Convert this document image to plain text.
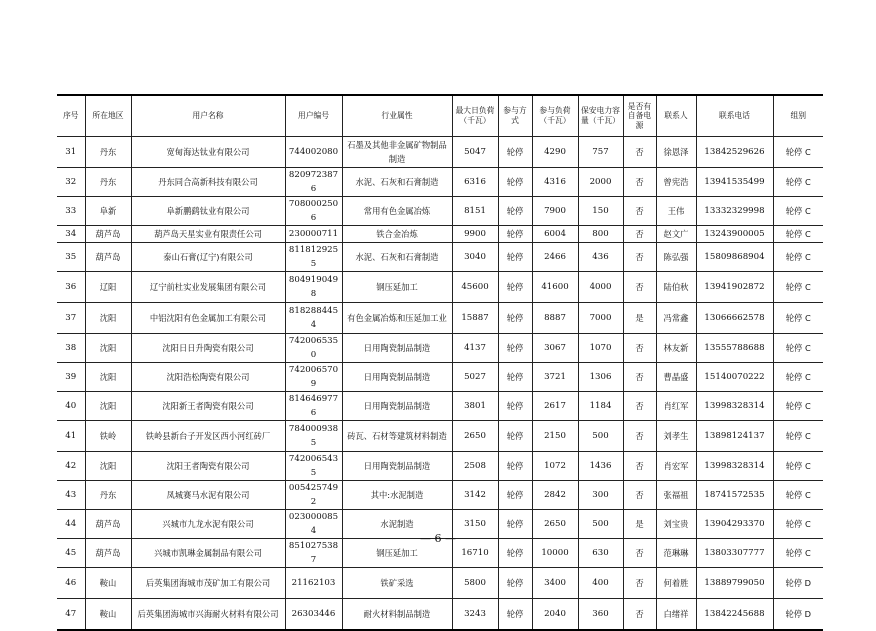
序号	所在地区	用户名称	用户编号	行业属性	最大日负荷（千瓦）	参与方式	参与负荷（千瓦）	保安电力容量（千瓦）	是否有自备电源	联系人	联系电话	组别
31	丹东	宽甸海达钛业有限公司	744002080	石墨及其他非金属矿物制品制造	5047	轮停	4290	757	否	徐恩泽	13842529626	轮停 C
32	丹东	丹东同合高新科技有限公司	8209723876	水泥、石灰和石膏制造	6316	轮停	4316	2000	否	曾宪浩	13941535499	轮停 C
33	阜新	阜新鹏鹞钛业有限公司	7080002506	常用有色金属冶炼	8151	轮停	7900	150	否	王伟	13332329998	轮停 C
34	葫芦岛	葫芦岛天星实业有限责任公司	230000711	铁合金冶炼	9900	轮停	6004	800	否	赵文广	13243900005	轮停 C
35	葫芦岛	泰山石膏(辽宁)有限公司	8118129255	水泥、石灰和石膏制造	3040	轮停	2466	436	否	陈弘强	15809868904	轮停 C
36	辽阳	辽宁前杜实业发展集团有限公司	8049190498	钢压延加工	45600	轮停	41600	4000	否	陆伯秋	13941902872	轮停 C
37	沈阳	中铝沈阳有色金属加工有限公司	8182884454	有色金属冶炼和压延加工业	15887	轮停	8887	7000	是	冯常鑫	13066662578	轮停 C
38	沈阳	沈阳日日升陶瓷有限公司	7420065350	日用陶瓷制品制造	4137	轮停	3067	1070	否	林友新	13555788688	轮停 C
39	沈阳	沈阳浩松陶瓷有限公司	7420065709	日用陶瓷制品制造	5027	轮停	3721	1306	否	曹晶盛	15140070222	轮停 C
40	沈阳	沈阳新王者陶瓷有限公司	8146469776	日用陶瓷制品制造	3801	轮停	2617	1184	否	肖红军	13998328314	轮停 C
41	铁岭	铁岭县新台子开发区西小河红砖厂	7840009385	砖瓦、石材等建筑材料制造	2650	轮停	2150	500	否	刘孝生	13898124137	轮停 C
42	沈阳	沈阳王者陶瓷有限公司	7420065435	日用陶瓷制品制造	2508	轮停	1072	1436	否	肖宏军	13998328314	轮停 C
43	丹东	凤城赛马水泥有限公司	0054257492	其中:水泥制造	3142	轮停	2842	300	否	张福祖	18741572535	轮停 C
44	葫芦岛	兴城市九龙水泥有限公司	0230000854	水泥制造	3150	轮停	2650	500	是	刘宝贵	13904293370	轮停 C
45	葫芦岛	兴城市凯琳金属制品有限公司	8510275387	钢压延加工	16710	轮停	10000	630	否	范琳琳	13803307777	轮停 C
46	鞍山	后英集团海城市茂矿加工有限公司	21162103	铁矿采选	5800	轮停	3400	400	否	何着胜	13889799050	轮停 D
47	鞍山	后英集团海城市兴海耐火材料有限公司	26303446	耐火材料制品制造	3243	轮停	2040	360	否	白绪祥	13842245688	轮停 D
— 6 —
